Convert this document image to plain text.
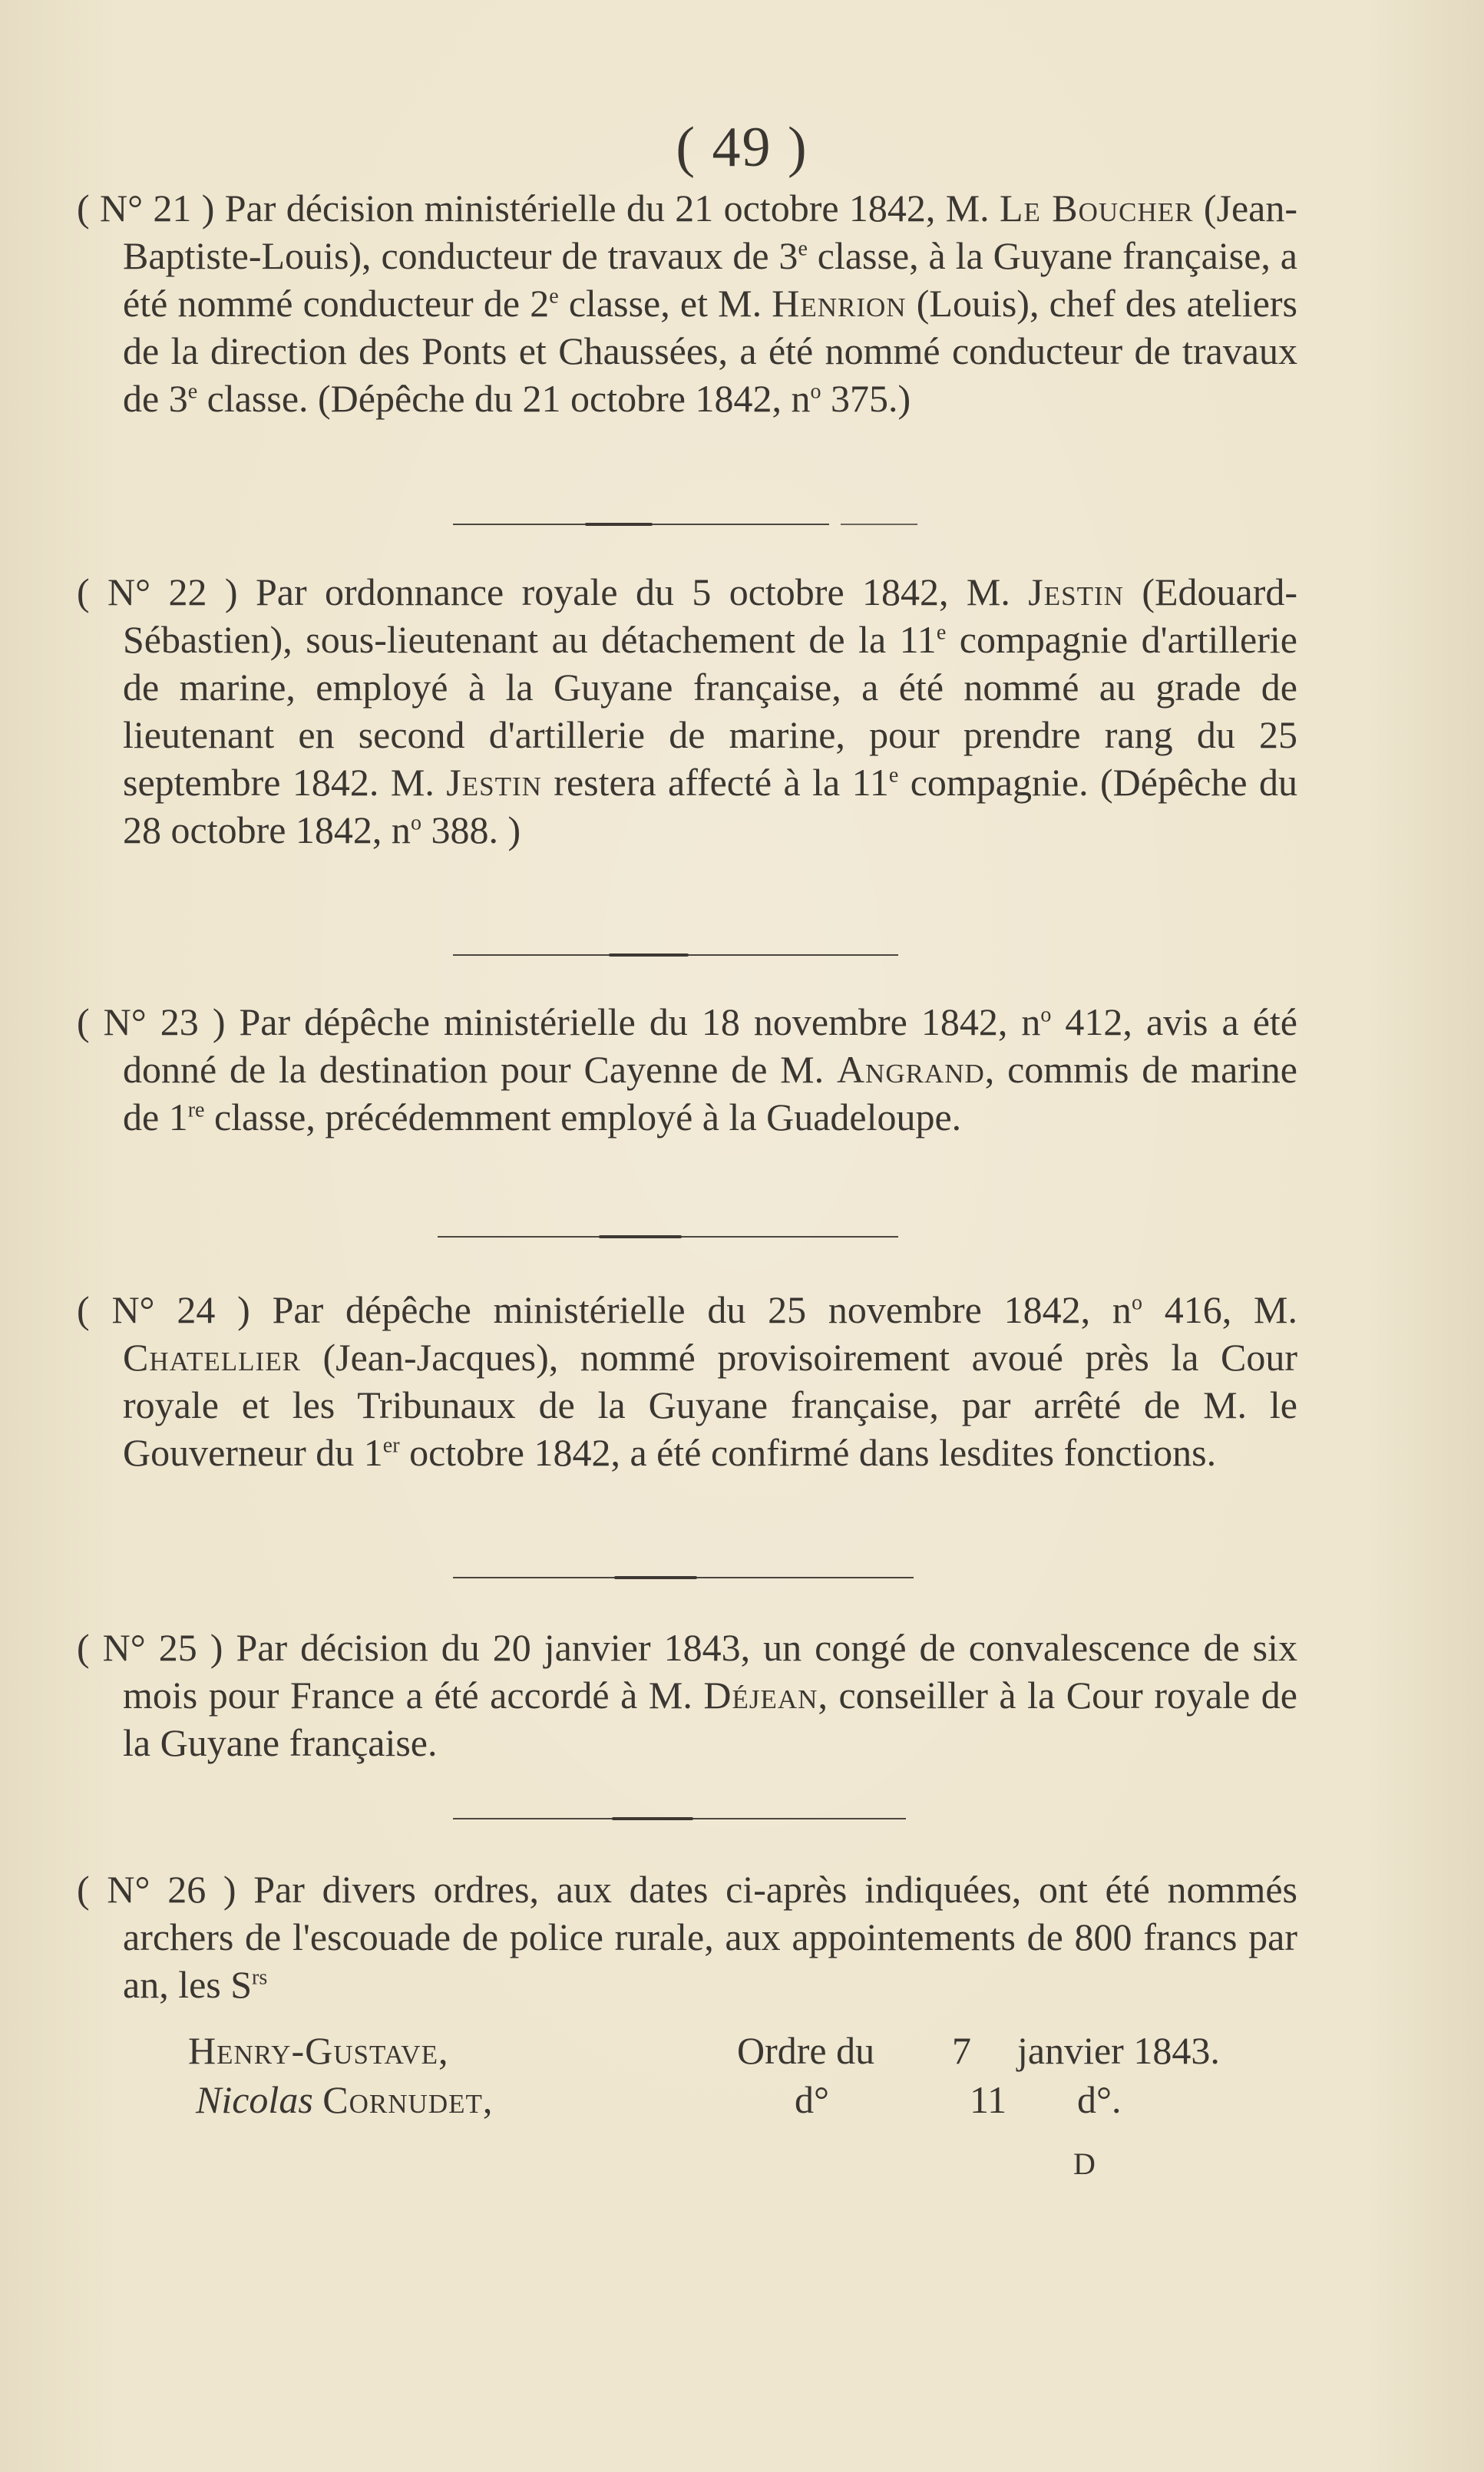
( 49 )

( N° 21 ) Par décision ministérielle du 21 octobre 1842, M. Le Boucher (Jean-Baptiste-Louis), conducteur de travaux de 3e classe, à la Guyane française, a été nommé conducteur de 2e classe, et M. Henrion (Louis), chef des ateliers de la direction des Ponts et Chaussées, a été nommé conducteur de travaux de 3e classe. (Dépêche du 21 octobre 1842, $n^o$ 375.)

( N° 22 ) Par ordonnance royale du 5 octobre 1842, M. Jestin (Edouard-Sébastien), sous-lieutenant au détachement de la 11e compagnie d'artillerie de marine, employé à la Guyane française, a été nommé au grade de lieutenant en second d'artillerie de marine, pour prendre rang du 25 septembre 1842. M. Jestin restera affecté à la 11e compagnie. (Dépêche du 28 octobre 1842, $n^o$ 388. )

( N° 23 ) Par dépêche ministérielle du 18 novembre 1842, $n^o$ 412, avis a été donné de la destination pour Cayenne de M. Angrand, commis de marine de 1re classe, précédemment employé à la Guadeloupe.

( N° 24 ) Par dépêche ministérielle du 25 novembre 1842, $n^o$ 416, M. Chatellier (Jean-Jacques), nommé provisoirement avoué près la Cour royale et les Tribunaux de la Guyane française, par arrêté de M. le Gouverneur du 1er octobre 1842, a été confirmé dans lesdites fonctions.

( N° 25 ) Par décision du 20 janvier 1843, un congé de convalescence de six mois pour France a été accordé à M. Déjean, conseiller à la Cour royale de la Guyane française.

( N° 26 ) Par divers ordres, aux dates ci-après indiquées, ont été nommés archers de l'escouade de police rurale, aux appointements de 800 francs par an, les $S^{rs}$

Henry-Gustave,	Ordre du 7 janvier 1843.
Nicolas Cornudet,	d°	11 d°.
D
